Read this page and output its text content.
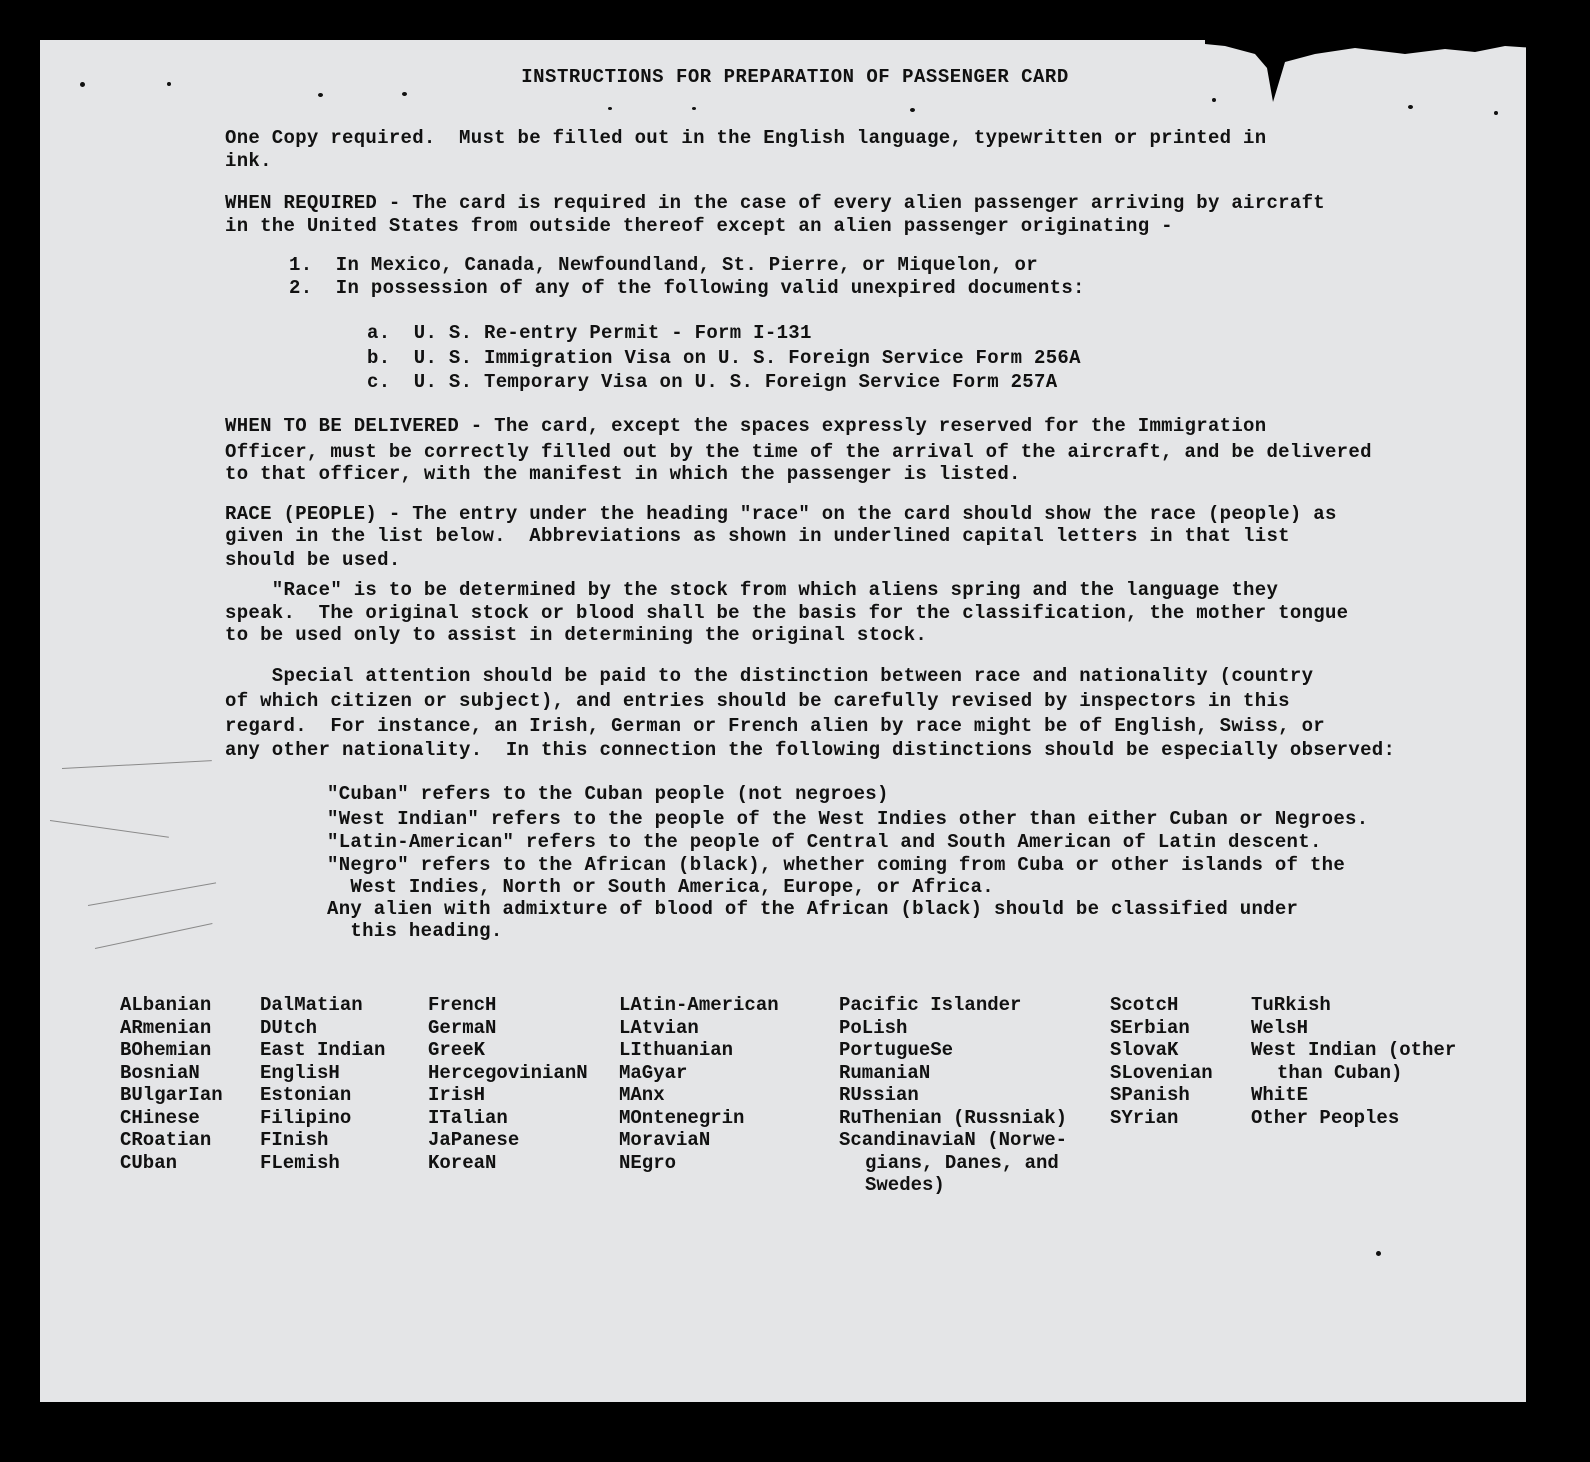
INSTRUCTIONS FOR PREPARATION OF PASSENGER CARD
One Copy required.  Must be filled out in the English language, typewritten or printed in
ink.
WHEN REQUIRED - The card is required in the case of every alien passenger arriving by aircraft
in the United States from outside thereof except an alien passenger originating -
1.  In Mexico, Canada, Newfoundland, St. Pierre, or Miquelon, or
2.  In possession of any of the following valid unexpired documents:
a.  U. S. Re-entry Permit - Form I-131
b.  U. S. Immigration Visa on U. S. Foreign Service Form 256A
c.  U. S. Temporary Visa on U. S. Foreign Service Form 257A
WHEN TO BE DELIVERED - The card, except the spaces expressly reserved for the Immigration
Officer, must be correctly filled out by the time of the arrival of the aircraft, and be delivered
to that officer, with the manifest in which the passenger is listed.
RACE (PEOPLE) - The entry under the heading "race" on the card should show the race (people) as
given in the list below.  Abbreviations as shown in underlined capital letters in that list
should be used.
"Race" is to be determined by the stock from which aliens spring and the language they
speak.  The original stock or blood shall be the basis for the classification, the mother tongue
to be used only to assist in determining the original stock.
Special attention should be paid to the distinction between race and nationality (country
of which citizen or subject), and entries should be carefully revised by inspectors in this
regard.  For instance, an Irish, German or French alien by race might be of English, Swiss, or
any other nationality.  In this connection the following distinctions should be especially observed:
"Cuban" refers to the Cuban people (not negroes)
"West Indian" refers to the people of the West Indies other than either Cuban or Negroes.
"Latin-American" refers to the people of Central and South American of Latin descent.
"Negro" refers to the African (black), whether coming from Cuba or other islands of the
West Indies, North or South America, Europe, or Africa.
Any alien with admixture of blood of the African (black) should be classified under
this heading.
ALbanian
ARmenian
BOhemian
BosniaN
BUlgarIan
CHinese
CRoatian
CUban
DalMatian
DUtch
East Indian
EnglisH
Estonian
Filipino
FInish
FLemish
FrencH
GermaN
GreeK
HercegovinianN
IrisH
ITalian
JaPanese
KoreaN
LAtin-American
LAtvian
LIthuanian
MaGyar
MAnx
MOntenegrin
MoraviaN
NEgro
Pacific Islander
PoLish
PortugueSe
RumaniaN
RUssian
RuThenian (Russniak)
ScandinaviaN (Norwe-
gians, Danes, and
Swedes)
ScotcH
SErbian
SlovaK
SLovenian
SPanish
SYrian
TuRkish
WelsH
West Indian (other
than Cuban)
WhitE
Other Peoples
